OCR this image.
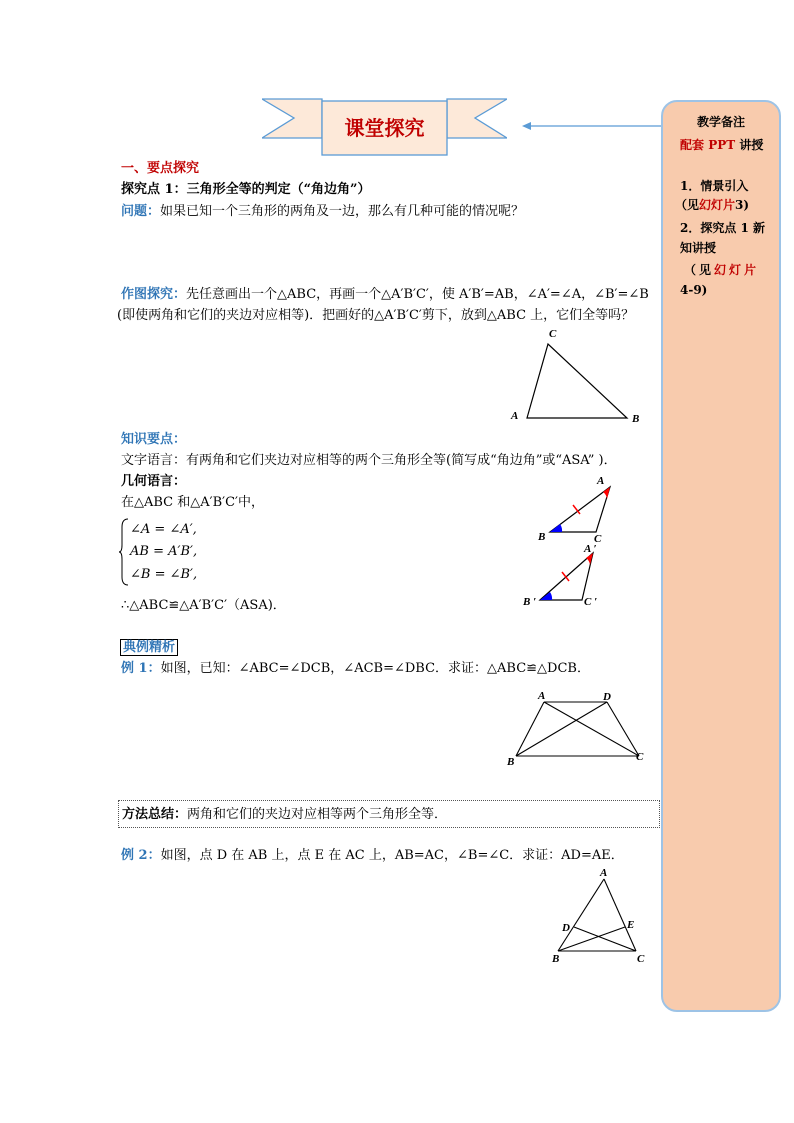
课堂探究	教学备注
配套 PPT 讲授
1．情景引入
（见幻灯片3)
2．探究点 1 新
知讲授
（见幻灯片
4-9)
一、要点探究
探究点 1：三角形全等的判定（“角边角”）
问题：如果已知一个三角形的两角及一边，那么有几种可能的情况呢？
作图探究：先任意画出一个△ABC，再画一个△A′B′C′，使 A′B′=AB，∠A′=∠A，∠B′=∠B
(即使两角和它们的夹边对应相等)．把画好的△A′B′C′剪下，放到△ABC 上，它们全等吗？
A
C
B
知识要点：
文字语言：有两角和它们夹边对应相等的两个三角形全等(简写成“角边角”或“ASA” )．
几何语言：
在△ABC 和△A′B′C′中，
∠A = ∠A′,
AB = A′B′,
∠B = ∠B′,
∴△ABC≌△A′B′C′（ASA)．
B
A
C
B ′
A ′
C ′
典例精析
例 1：如图，已知：∠ABC=∠DCB，∠ACB=∠DBC．求证：△ABC≌△DCB．
A	D
B	C
方法总结：两角和它们的夹边对应相等两个三角形全等．
例 2：如图，点 D 在 AB 上，点 E 在 AC 上，AB=AC，∠B=∠C．求证：AD=AE．
A
D	E
B	C
